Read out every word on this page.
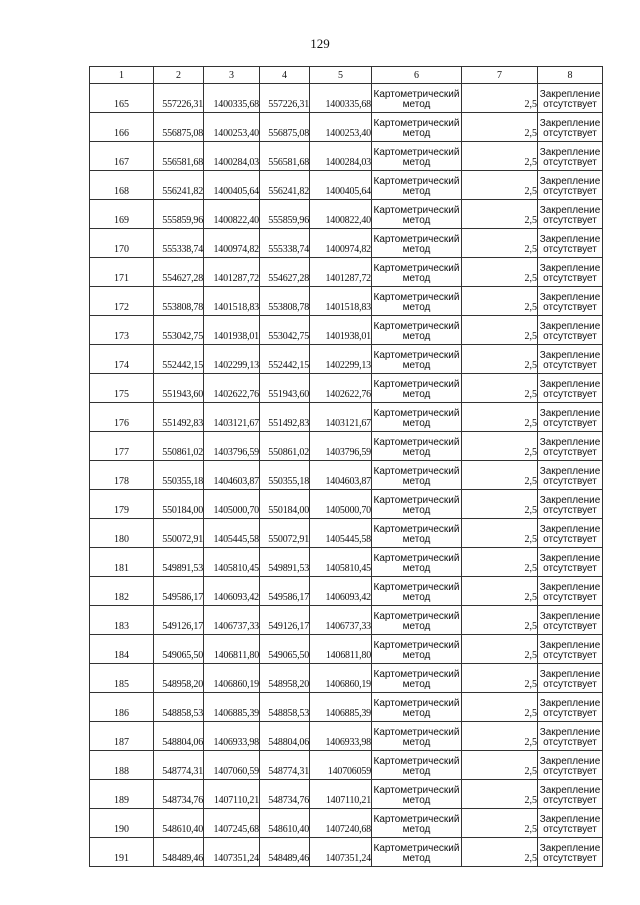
129
1	2	3	4	5	6	7	8
165	557226,31	1400335,68	557226,31	1400335,68	Картометрический
метод	2,5	Закрепление
отсутствует

166	556875,08	1400253,40	556875,08	1400253,40	Картометрический
метод	2,5	Закрепление
отсутствует

167	556581,68	1400284,03	556581,68	1400284,03	Картометрический
метод	2,5	Закрепление
отсутствует

168	556241,82	1400405,64	556241,82	1400405,64	Картометрический
метод	2,5	Закрепление
отсутствует

169	555859,96	1400822,40	555859,96	1400822,40	Картометрический
метод	2,5	Закрепление
отсутствует

170	555338,74	1400974,82	555338,74	1400974,82	Картометрический
метод	2,5	Закрепление
отсутствует

171	554627,28	1401287,72	554627,28	1401287,72	Картометрический
метод	2,5	Закрепление
отсутствует

172	553808,78	1401518,83	553808,78	1401518,83	Картометрический
метод	2,5	Закрепление
отсутствует

173	553042,75	1401938,01	553042,75	1401938,01	Картометрический
метод	2,5	Закрепление
отсутствует

174	552442,15	1402299,13	552442,15	1402299,13	Картометрический
метод	2,5	Закрепление
отсутствует

175	551943,60	1402622,76	551943,60	1402622,76	Картометрический
метод	2,5	Закрепление
отсутствует

176	551492,83	1403121,67	551492,83	1403121,67	Картометрический
метод	2,5	Закрепление
отсутствует

177	550861,02	1403796,59	550861,02	1403796,59	Картометрический
метод	2,5	Закрепление
отсутствует

178	550355,18	1404603,87	550355,18	1404603,87	Картометрический
метод	2,5	Закрепление
отсутствует

179	550184,00	1405000,70	550184,00	1405000,70	Картометрический
метод	2,5	Закрепление
отсутствует

180	550072,91	1405445,58	550072,91	1405445,58	Картометрический
метод	2,5	Закрепление
отсутствует

181	549891,53	1405810,45	549891,53	1405810,45	Картометрический
метод	2,5	Закрепление
отсутствует

182	549586,17	1406093,42	549586,17	1406093,42	Картометрический
метод	2,5	Закрепление
отсутствует

183	549126,17	1406737,33	549126,17	1406737,33	Картометрический
метод	2,5	Закрепление
отсутствует

184	549065,50	1406811,80	549065,50	1406811,80	Картометрический
метод	2,5	Закрепление
отсутствует

185	548958,20	1406860,19	548958,20	1406860,19	Картометрический
метод	2,5	Закрепление
отсутствует

186	548858,53	1406885,39	548858,53	1406885,39	Картометрический
метод	2,5	Закрепление
отсутствует

187	548804,06	1406933,98	548804,06	1406933,98	Картометрический
метод	2,5	Закрепление
отсутствует

188	548774,31	1407060,59	548774,31	140706059	Картометрический
метод	2,5	Закрепление
отсутствует

189	548734,76	1407110,21	548734,76	1407110,21	Картометрический
метод	2,5	Закрепление
отсутствует

190	548610,40	1407245,68	548610,40	1407240,68	Картометрический
метод	2,5	Закрепление
отсутствует

191	548489,46	1407351,24	548489,46	1407351,24	Картометрический
метод	2,5	Закрепление
отсутствует
